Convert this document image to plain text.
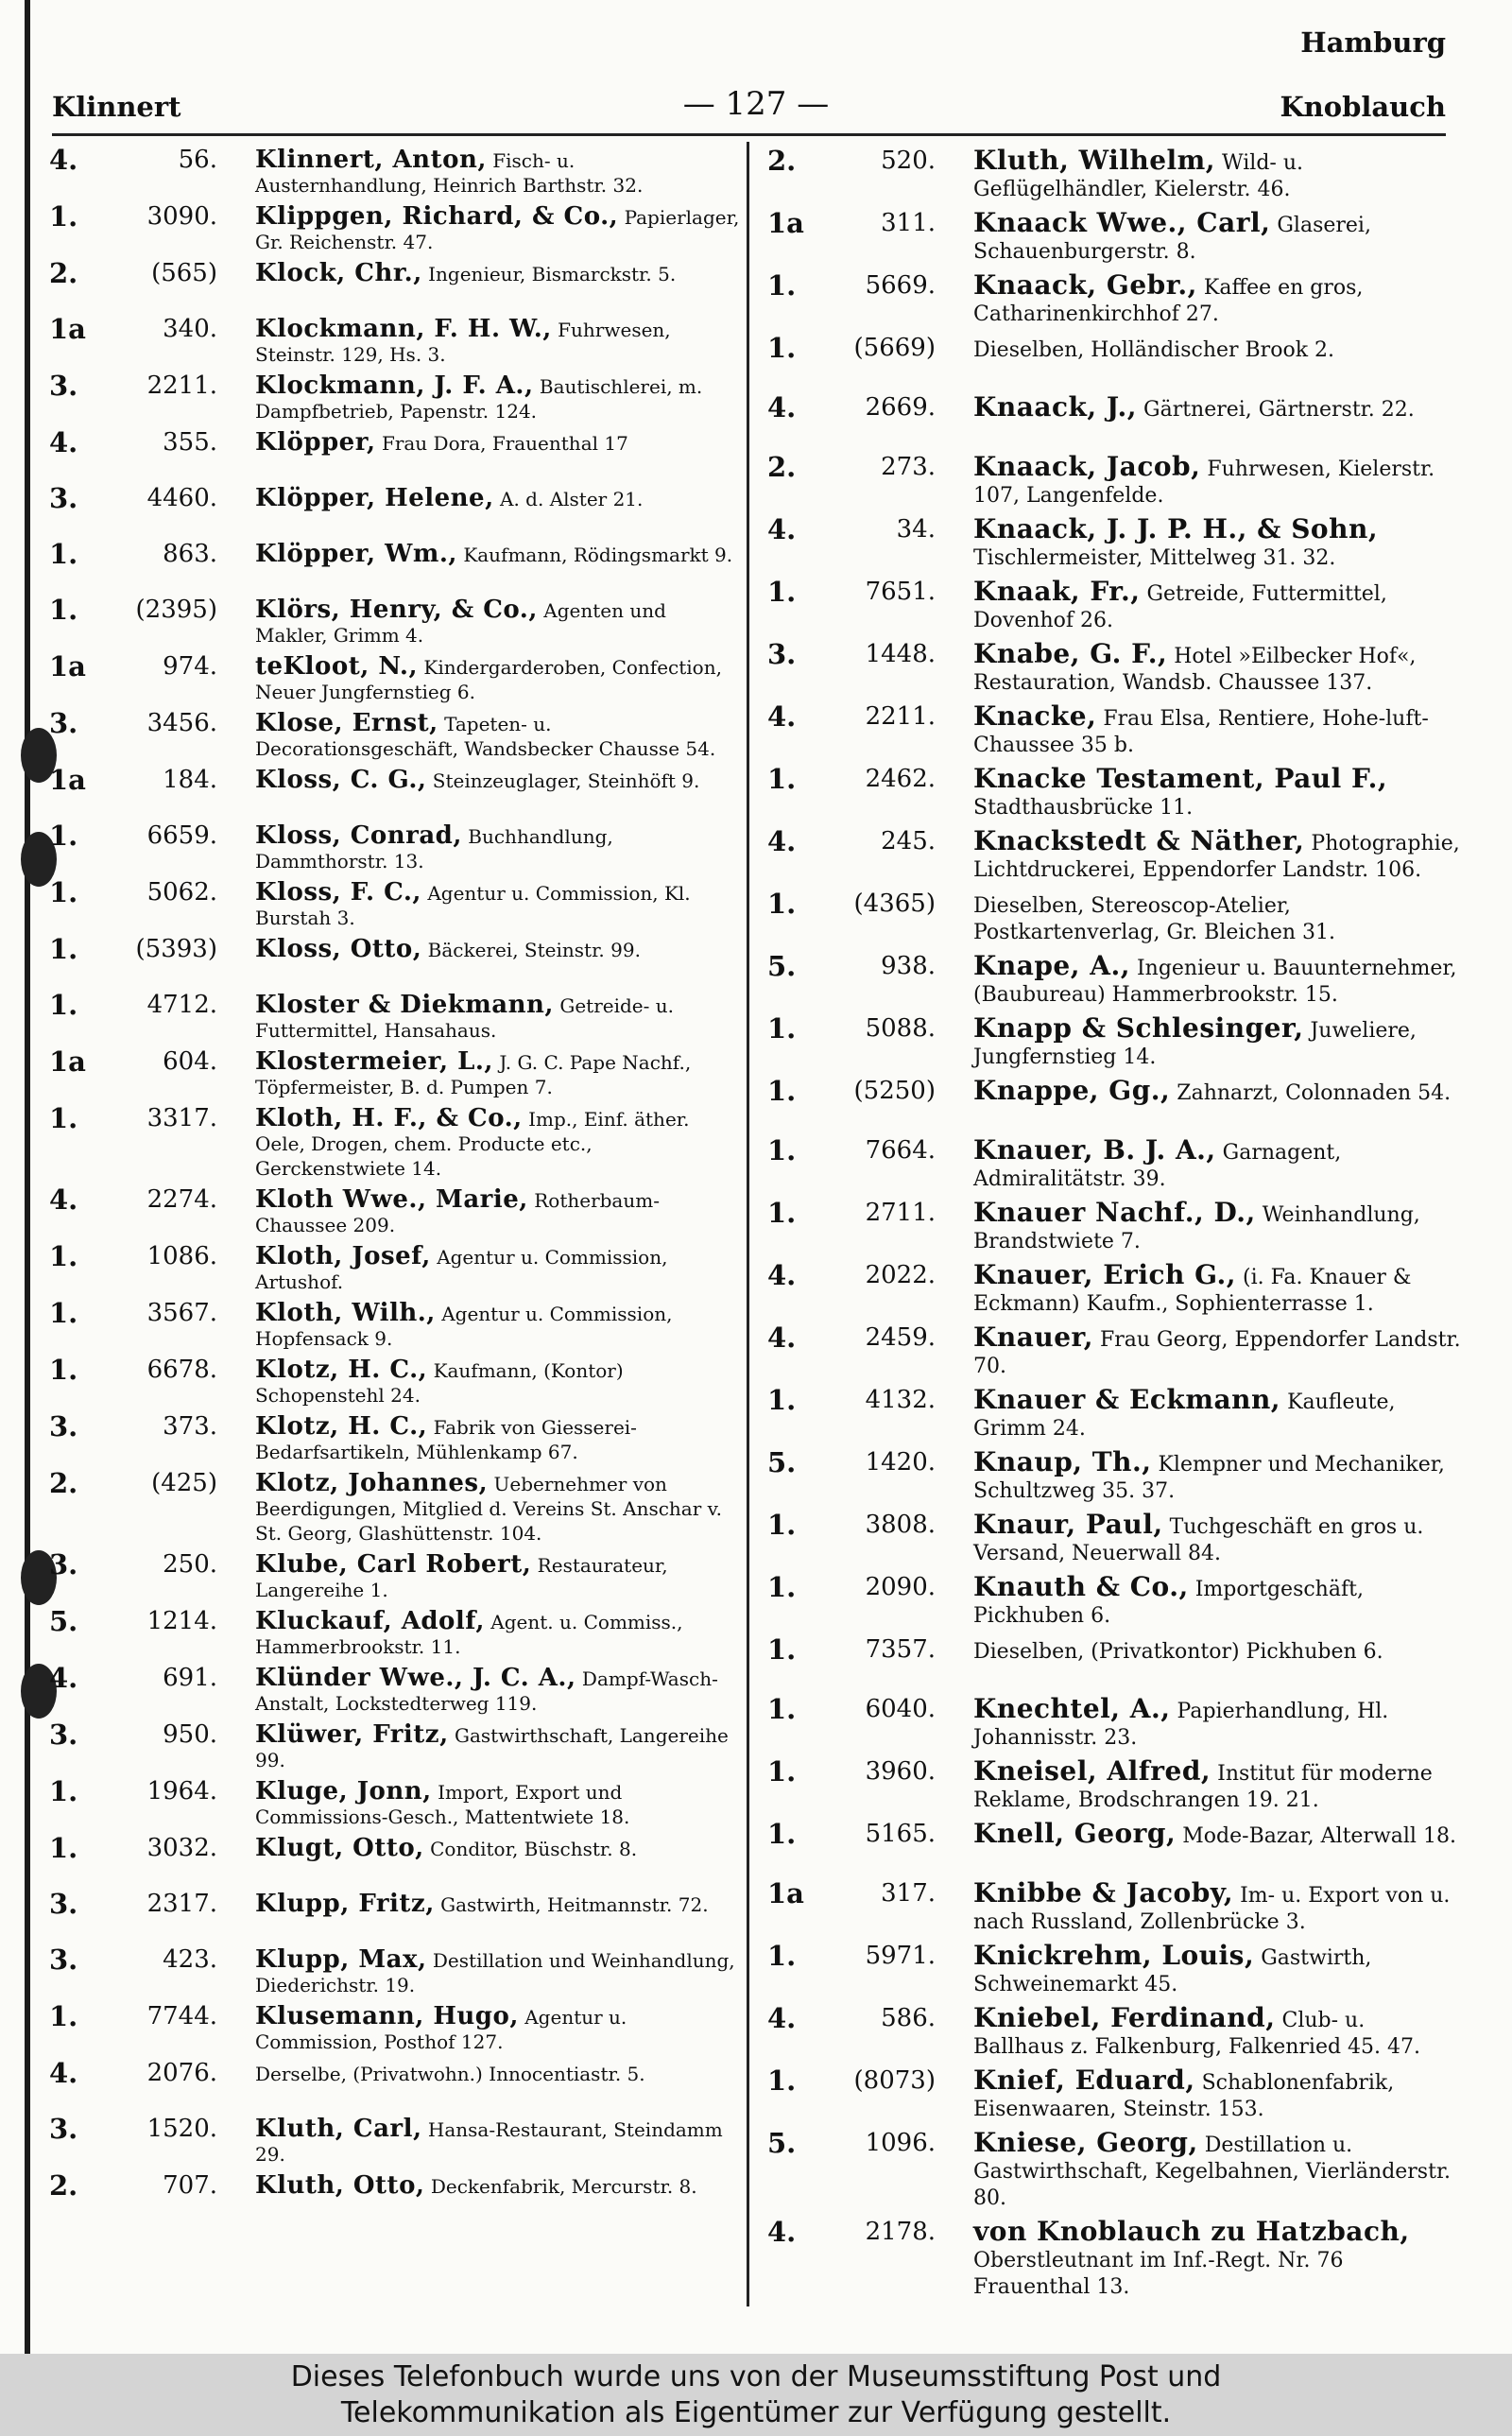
Hamburg
Klinnert	— 127 —	Knoblauch
4.	56. Klinnert, Anton, Fisch- u. Austernhandlung, Heinrich Barthstr. 32.
1.	3090. Klippgen, Richard, & Co., Papierlager, Gr. Reichenstr. 47.
2.	(565) Klock, Chr., Ingenieur, Bismarckstr. 5.
1a	340. Klockmann, F. H. W., Fuhrwesen, Steinstr. 129, Hs. 3.
3.	2211. Klockmann, J. F. A., Bautischlerei, m. Dampfbetrieb, Papenstr. 124.
4.	355. Klöpper, Frau Dora, Frauenthal 17
3.	4460. Klöpper, Helene, A. d. Alster 21.
1.	863. Klöpper, Wm., Kaufmann, Rödingsmarkt 9.
1.	(2395) Klörs, Henry, & Co., Agenten und Makler, Grimm 4.
1a	974. teKloot, N., Kindergarderoben, Confection, Neuer Jungfernstieg 6.
3.	3456. Klose, Ernst, Tapeten- u. Decorationsgeschäft, Wandsbecker Chausse 54.
1a	184. Kloss, C. G., Steinzeuglager, Steinhöft 9.
1.	6659. Kloss, Conrad, Buchhandlung, Dammthorstr. 13.
1.	5062. Kloss, F. C., Agentur u. Commission, Kl. Burstah 3.
1.	(5393) Kloss, Otto, Bäckerei, Steinstr. 99.
1.	4712. Kloster & Diekmann, Getreide- u. Futtermittel, Hansahaus.
1a	604. Klostermeier, L., J. G. C. Pape Nachf., Töpfermeister, B. d. Pumpen 7.
1.	3317. Kloth, H. F., & Co., Imp., Einf. äther. Oele, Drogen, chem. Producte etc., Gerckenstwiete 14.
4.	2274. Kloth Wwe., Marie, Rotherbaum-Chaussee 209.
1.	1086. Kloth, Josef, Agentur u. Commission, Artushof.
1.	3567. Kloth, Wilh., Agentur u. Commission, Hopfensack 9.
1.	6678. Klotz, H. C., Kaufmann, (Kontor) Schopenstehl 24.
3.	373. Klotz, H. C., Fabrik von Giesserei-Bedarfsartikeln, Mühlenkamp 67.
2.	(425) Klotz, Johannes, Uebernehmer von Beerdigungen, Mitglied d. Vereins St. Anschar v. St. Georg, Glashüttenstr. 104.
3.	250. Klube, Carl Robert, Restaurateur, Langereihe 1.
5.	1214. Kluckauf, Adolf, Agent. u. Commiss., Hammerbrookstr. 11.
4.	691. Klünder Wwe., J. C. A., Dampf-Wasch-Anstalt, Lockstedterweg 119.
3.	950. Klüwer, Fritz, Gastwirthschaft, Langereihe 99.
1.	1964. Kluge, Jonn, Import, Export und Commissions-Gesch., Mattentwiete 18.
1.	3032. Klugt, Otto, Conditor, Büschstr. 8.
3.	2317. Klupp, Fritz, Gastwirth, Heitmannstr. 72.
3.	423. Klupp, Max, Destillation und Weinhandlung, Diederichstr. 19.
1.	7744. Klusemann, Hugo, Agentur u. Commission, Posthof 127.
4.	2076. Derselbe, (Privatwohn.) Innocentiastr. 5.
3.	1520. Kluth, Carl, Hansa-Restaurant, Steindamm 29.
2.	707. Kluth, Otto, Deckenfabrik, Mercurstr. 8.
2.	520. Kluth, Wilhelm, Wild- u. Geflügelhändler, Kielerstr. 46.
1a	311. Knaack Wwe., Carl, Glaserei, Schauenburgerstr. 8.
1.	5669. Knaack, Gebr., Kaffee en gros, Catharinenkirchhof 27.
1.	(5669) Dieselben, Holländischer Brook 2.
4.	2669. Knaack, J., Gärtnerei, Gärtnerstr. 22.
2.	273. Knaack, Jacob, Fuhrwesen, Kielerstr. 107, Langenfelde.
4.	34. Knaack, J. J. P. H., & Sohn, Tischlermeister, Mittelweg 31. 32.
1.	7651. Knaak, Fr., Getreide, Futtermittel, Dovenhof 26.
3.	1448. Knabe, G. F., Hotel »Eilbecker Hof«, Restauration, Wandsb. Chaussee 137.
4.	2211. Knacke, Frau Elsa, Rentiere, Hohe-luft-Chaussee 35 b.
1.	2462. Knacke Testament, Paul F., Stadthausbrücke 11.
4.	245. Knackstedt & Näther, Photographie, Lichtdruckerei, Eppendorfer Landstr. 106.
1.	(4365) Dieselben, Stereoscop-Atelier, Postkartenverlag, Gr. Bleichen 31.
5.	938. Knape, A., Ingenieur u. Bauunternehmer, (Baubureau) Hammerbrookstr. 15.
1.	5088. Knapp & Schlesinger, Juweliere, Jungfernstieg 14.
1.	(5250) Knappe, Gg., Zahnarzt, Colonnaden 54.
1.	7664. Knauer, B. J. A., Garnagent, Admiralitätstr. 39.
1.	2711. Knauer Nachf., D., Weinhandlung, Brandstwiete 7.
4.	2022. Knauer, Erich G., (i. Fa. Knauer & Eckmann) Kaufm., Sophienterrasse 1.
4.	2459. Knauer, Frau Georg, Eppendorfer Landstr. 70.
1.	4132. Knauer & Eckmann, Kaufleute, Grimm 24.
5.	1420. Knaup, Th., Klempner und Mechaniker, Schultzweg 35. 37.
1.	3808. Knaur, Paul, Tuchgeschäft en gros u. Versand, Neuerwall 84.
1.	2090. Knauth & Co., Importgeschäft, Pickhuben 6.
1.	7357. Dieselben, (Privatkontor) Pickhuben 6.
1.	6040. Knechtel, A., Papierhandlung, Hl. Johannisstr. 23.
1.	3960. Kneisel, Alfred, Institut für moderne Reklame, Brodschrangen 19. 21.
1.	5165. Knell, Georg, Mode-Bazar, Alterwall 18.
1a	317. Knibbe & Jacoby, Im- u. Export von u. nach Russland, Zollenbrücke 3.
1.	5971. Knickrehm, Louis, Gastwirth, Schweinemarkt 45.
4.	586. Kniebel, Ferdinand, Club- u. Ballhaus z. Falkenburg, Falkenried 45. 47.
1.	(8073) Knief, Eduard, Schablonenfabrik, Eisenwaaren, Steinstr. 153.
5.	1096. Kniese, Georg, Destillation u. Gastwirthschaft, Kegelbahnen, Vierländerstr. 80.
4.	2178. von Knoblauch zu Hatzbach, Oberstleutnant im Inf.-Regt. Nr. 76 Frauenthal 13.
Dieses Telefonbuch wurde uns von der Museumsstiftung Post und
Telekommunikation als Eigentümer zur Verfügung gestellt.
